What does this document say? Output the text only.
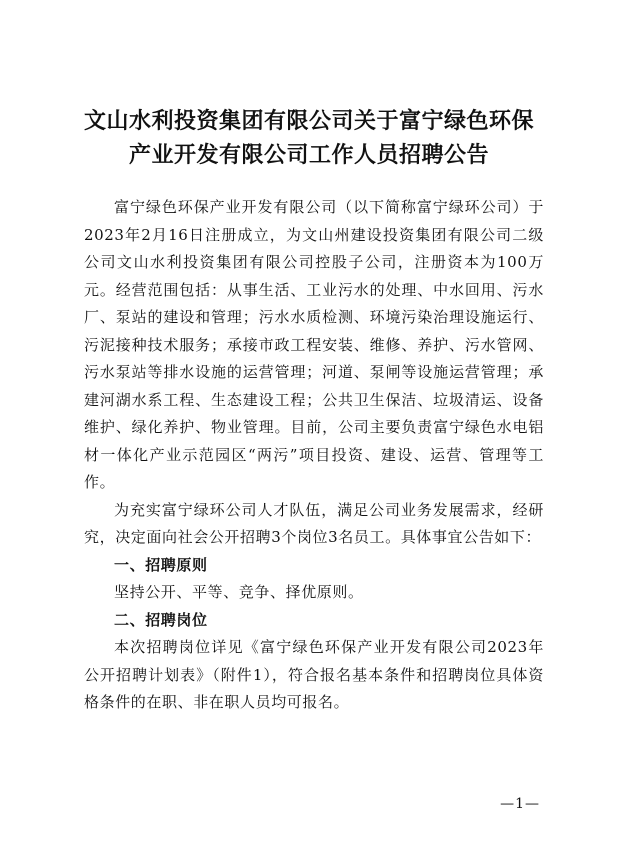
文山水利投资集团有限公司关于富宁绿色环保
产业开发有限公司工作人员招聘公告

富宁绿色环保产业开发有限公司（以下简称富宁绿环公司）于2023年2月16日注册成立，为文山州建设投资集团有限公司二级公司文山水利投资集团有限公司控股子公司，注册资本为100万元。经营范围包括：从事生活、工业污水的处理、中水回用、污水厂、泵站的建设和管理；污水水质检测、环境污染治理设施运行、污泥接种技术服务；承接市政工程安装、维修、养护、污水管网、污水泵站等排水设施的运营管理；河道、泵闸等设施运营管理；承建河湖水系工程、生态建设工程；公共卫生保洁、垃圾清运、设备维护、绿化养护、物业管理。目前，公司主要负责富宁绿色水电铝材一体化产业示范园区“两污”项目投资、建设、运营、管理等工作。

为充实富宁绿环公司人才队伍，满足公司业务发展需求，经研究，决定面向社会公开招聘3个岗位3名员工。具体事宜公告如下：

一、招聘原则

坚持公开、平等、竞争、择优原则。

二、招聘岗位

本次招聘岗位详见《富宁绿色环保产业开发有限公司2023年公开招聘计划表》（附件1），符合报名基本条件和招聘岗位具体资格条件的在职、非在职人员均可报名。

—1—
